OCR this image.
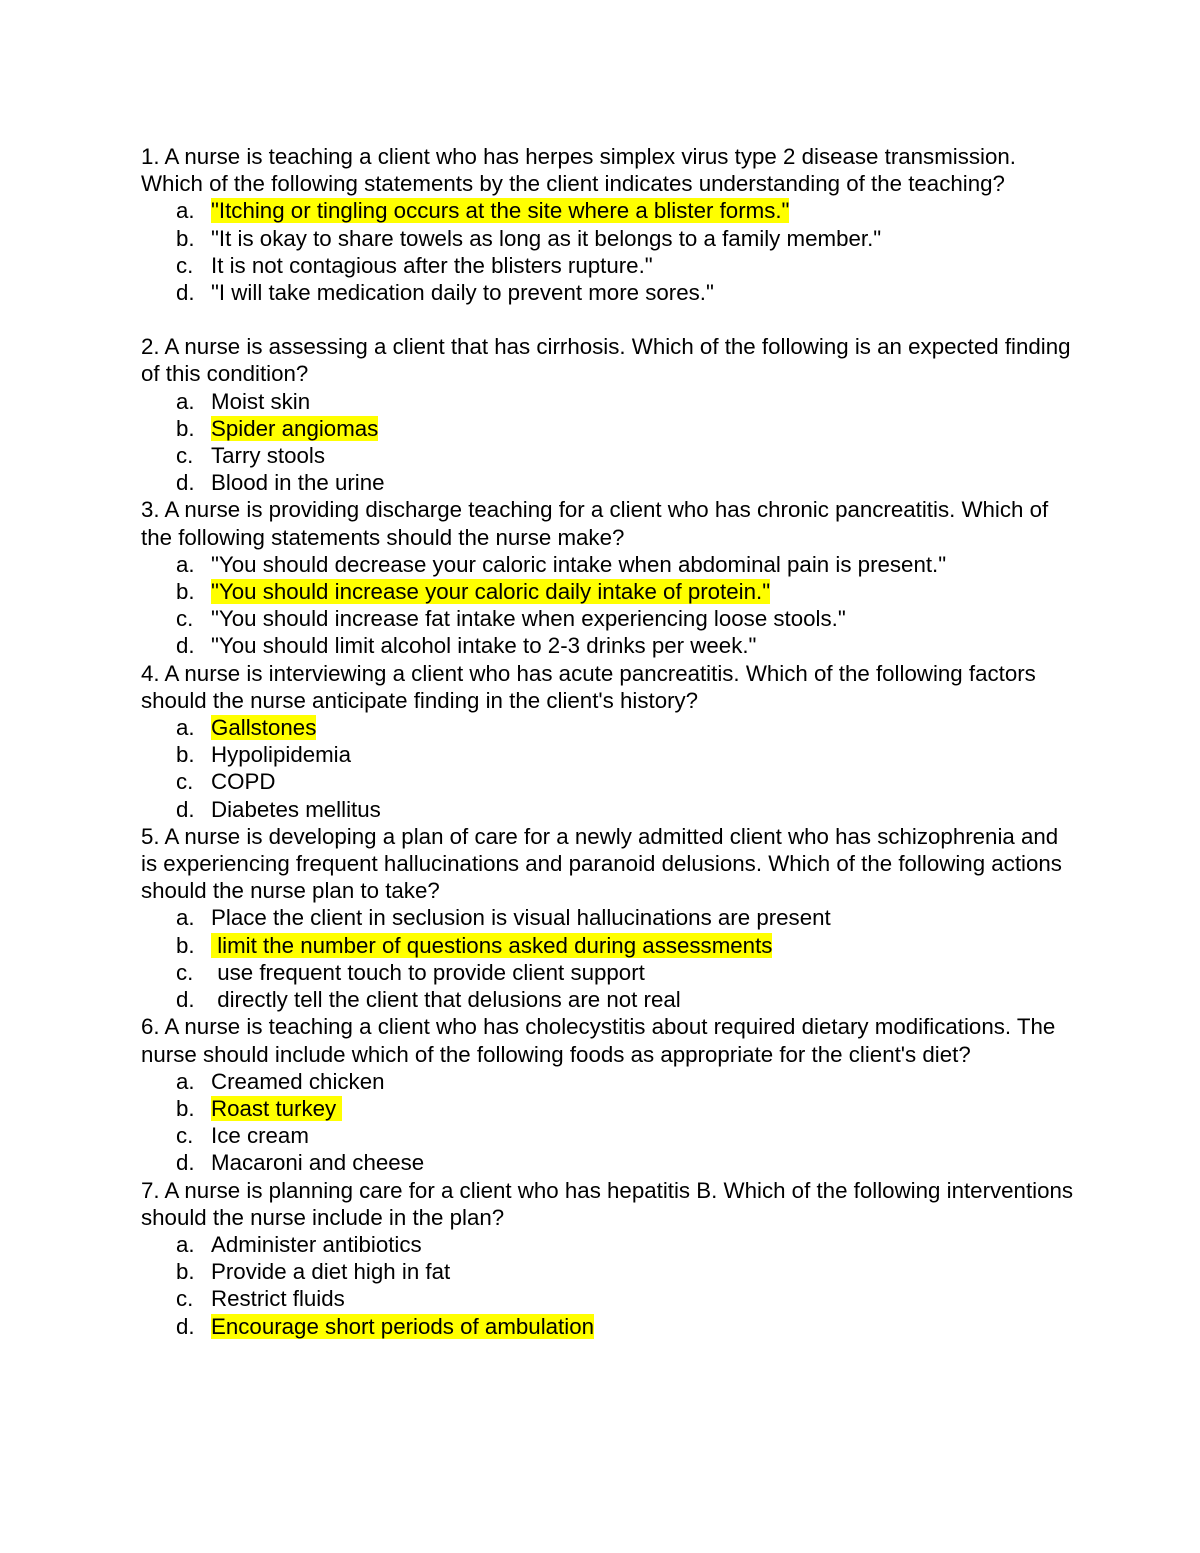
1. A nurse is teaching a client who has herpes simplex virus type 2 disease transmission. Which of the following statements by the client indicates understanding of the teaching?

a. "Itching or tingling occurs at the site where a blister forms."
b. "It is okay to share towels as long as it belongs to a family member."
c. It is not contagious after the blisters rupture."
d. "I will take medication daily to prevent more sores."

2. A nurse is assessing a client that has cirrhosis. Which of the following is an expected finding of this condition?

a. Moist skin
b. Spider angiomas
c. Tarry stools
d. Blood in the urine

3. A nurse is providing discharge teaching for a client who has chronic pancreatitis. Which of the following statements should the nurse make?

a. "You should decrease your caloric intake when abdominal pain is present."
b. "You should increase your caloric daily intake of protein."
c. "You should increase fat intake when experiencing loose stools."
d. "You should limit alcohol intake to 2-3 drinks per week."

4. A nurse is interviewing a client who has acute pancreatitis. Which of the following factors should the nurse anticipate finding in the client's history?

a. Gallstones
b. Hypolipidemia
c. COPD
d. Diabetes mellitus

5. A nurse is developing a plan of care for a newly admitted client who has schizophrenia and is experiencing frequent hallucinations and paranoid delusions. Which of the following actions should the nurse plan to take?

a. Place the client in seclusion is visual hallucinations are present
b. limit the number of questions asked during assessments
c. use frequent touch to provide client support
d. directly tell the client that delusions are not real

6. A nurse is teaching a client who has cholecystitis about required dietary modifications. The nurse should include which of the following foods as appropriate for the client's diet?

a. Creamed chicken
b. Roast turkey
c. Ice cream
d. Macaroni and cheese

7. A nurse is planning care for a client who has hepatitis B. Which of the following interventions should the nurse include in the plan?

a. Administer antibiotics
b. Provide a diet high in fat
c. Restrict fluids
d. Encourage short periods of ambulation
